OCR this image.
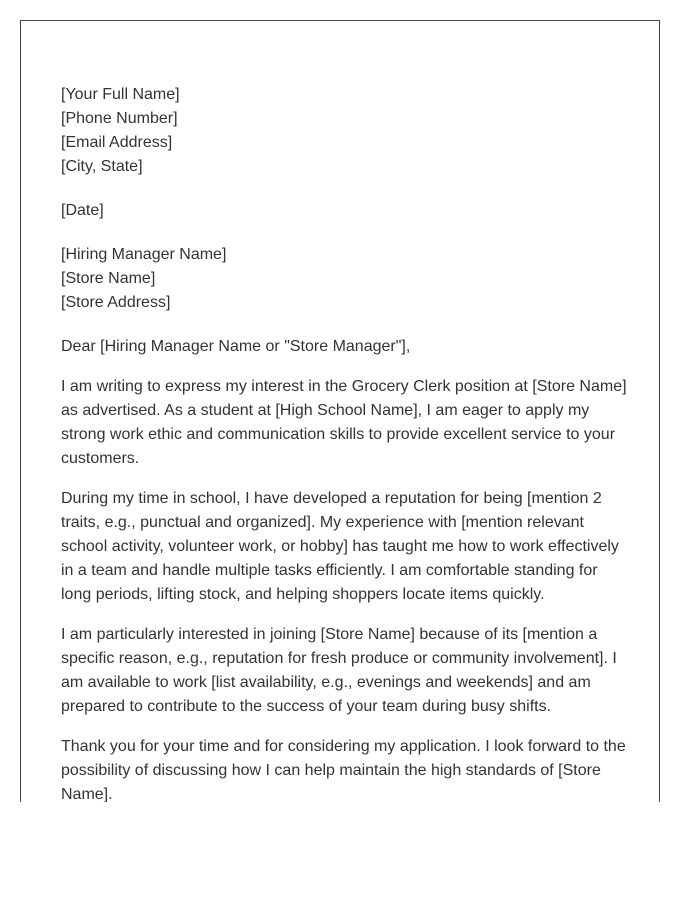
[Your Full Name]
[Phone Number]
[Email Address]
[City, State]
[Date]
[Hiring Manager Name]
[Store Name]
[Store Address]

Dear [Hiring Manager Name or "Store Manager"],

I am writing to express my interest in the Grocery Clerk position at [Store Name] as advertised. As a student at [High School Name], I am eager to apply my strong work ethic and communication skills to provide excellent service to your customers.

During my time in school, I have developed a reputation for being [mention 2 traits, e.g., punctual and organized]. My experience with [mention relevant school activity, volunteer work, or hobby] has taught me how to work effectively in a team and handle multiple tasks efficiently. I am comfortable standing for long periods, lifting stock, and helping shoppers locate items quickly.

I am particularly interested in joining [Store Name] because of its [mention a specific reason, e.g., reputation for fresh produce or community involvement]. I am available to work [list availability, e.g., evenings and weekends] and am prepared to contribute to the success of your team during busy shifts.

Thank you for your time and for considering my application. I look forward to the possibility of discussing how I can help maintain the high standards of [Store Name].
